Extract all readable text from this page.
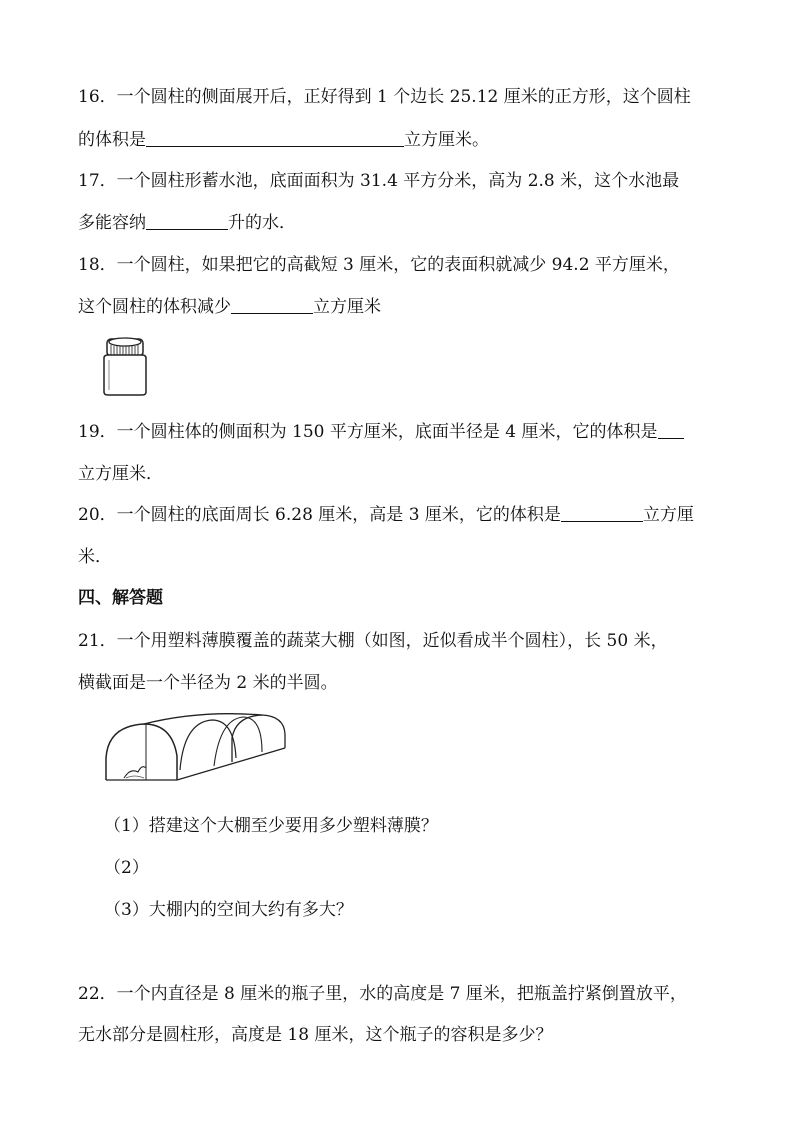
16．一个圆柱的侧面展开后，正好得到 1 个边长 25.12 厘米的正方形，这个圆柱
的体积是	立方厘米。
17．一个圆柱形蓄水池，底面面积为 31.4 平方分米，高为 2.8 米，这个水池最
多能容纳	升的水．
18．一个圆柱，如果把它的高截短 3 厘米，它的表面积就减少 94.2 平方厘米，
这个圆柱的体积减少	立方厘米
19．一个圆柱体的侧面积为 150 平方厘米，底面半径是 4 厘米，它的体积是
立方厘米．
20．一个圆柱的底面周长 6.28 厘米，高是 3 厘米，它的体积是	立方厘
米．
四、解答题
21．一个用塑料薄膜覆盖的蔬菜大棚（如图，近似看成半个圆柱），长 50 米，
横截面是一个半径为 2 米的半圆。
（1）搭建这个大棚至少要用多少塑料薄膜？
（2）
（3）大棚内的空间大约有多大？
22．一个内直径是 8 厘米的瓶子里，水的高度是 7 厘米，把瓶盖拧紧倒置放平，
无水部分是圆柱形，高度是 18 厘米，这个瓶子的容积是多少？
